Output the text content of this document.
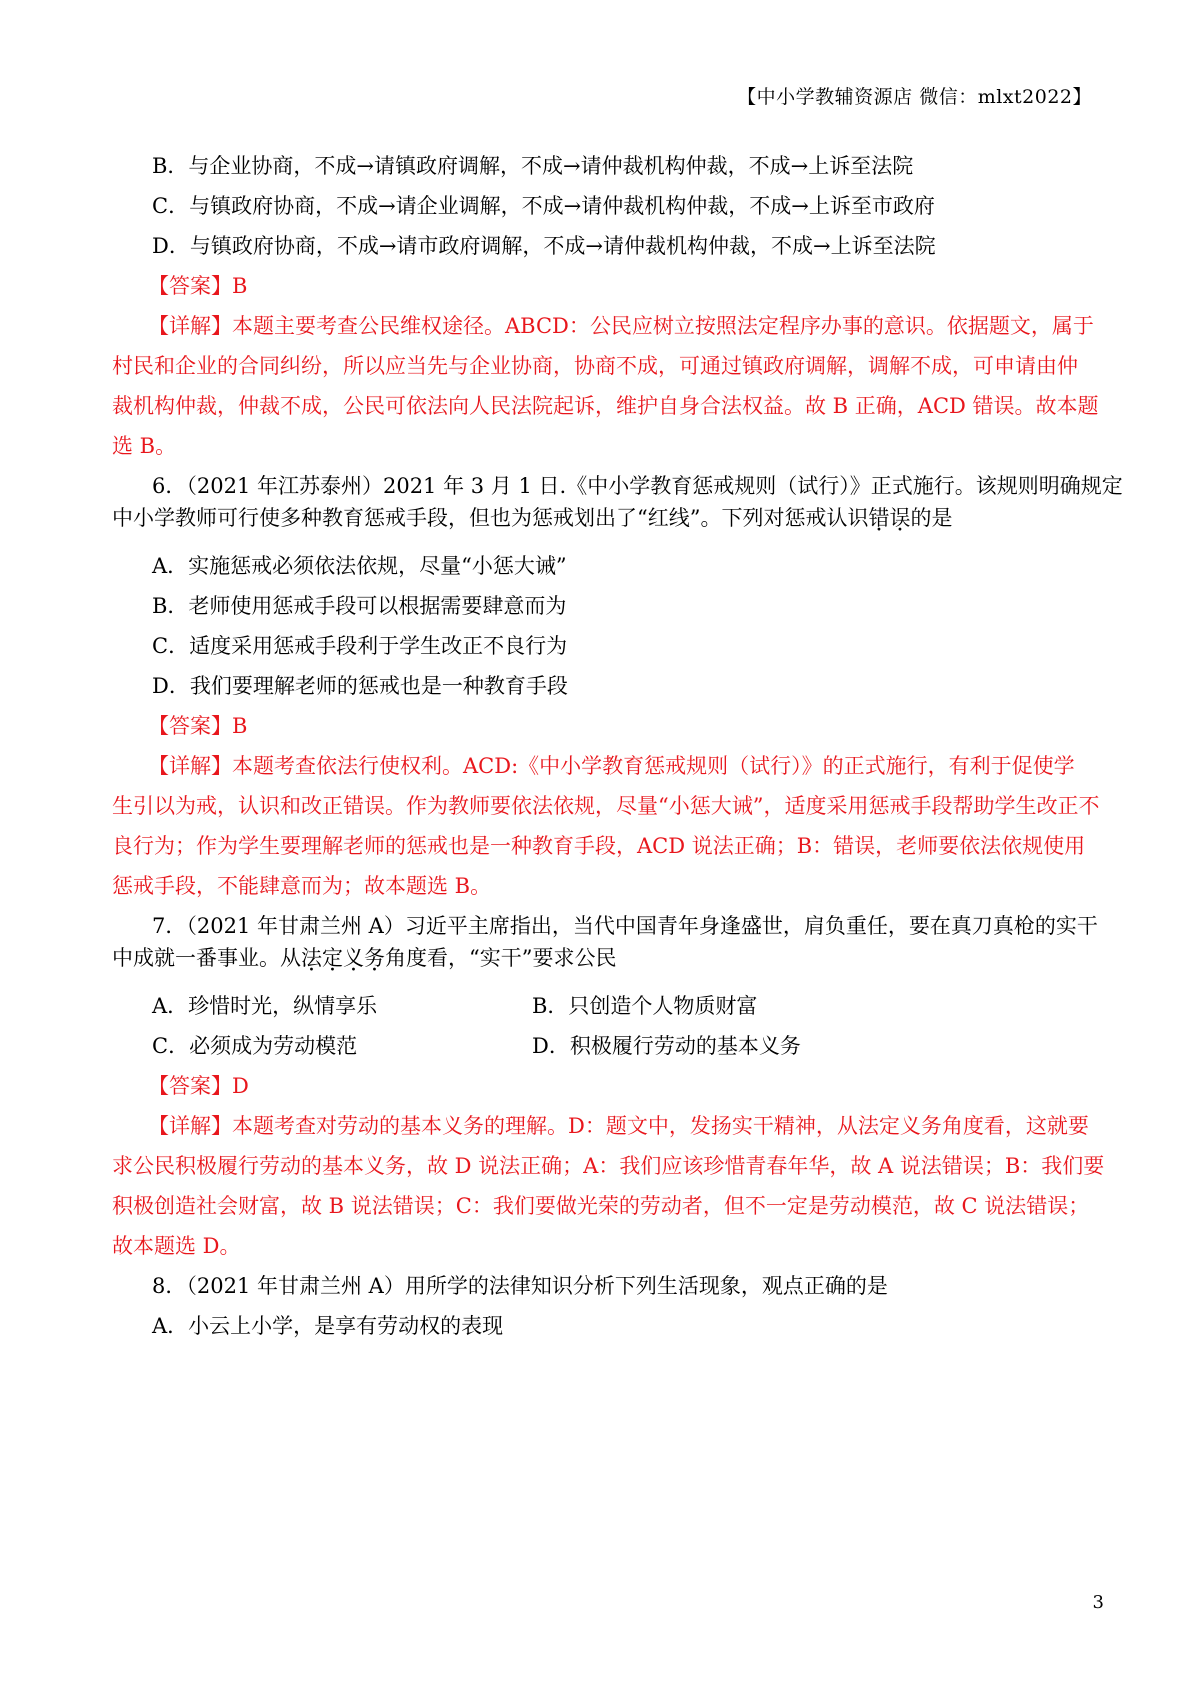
【中小学教辅资源店 微信：mlxt2022】
B．与企业协商，不成→请镇政府调解，不成→请仲裁机构仲裁，不成→上诉至法院
C．与镇政府协商，不成→请企业调解，不成→请仲裁机构仲裁，不成→上诉至市政府
D．与镇政府协商，不成→请市政府调解，不成→请仲裁机构仲裁，不成→上诉至法院
【答案】B
【详解】本题主要考查公民维权途径。ABCD：公民应树立按照法定程序办事的意识。依据题文，属于
村民和企业的合同纠纷，所以应当先与企业协商，协商不成，可通过镇政府调解，调解不成，可申请由仲
裁机构仲裁，仲裁不成，公民可依法向人民法院起诉，维护自身合法权益。故 B 正确，ACD 错误。故本题
选 B。
6．（2021 年江苏泰州）2021 年 3 月 1 日.《中小学教育惩戒规则（试行）》正式施行。该规则明确规定
中小学教师可行使多种教育惩戒手段，但也为惩戒划出了“红线”。下列对惩戒认识错误的是
A．实施惩戒必须依法依规，尽量“小惩大诫”
B．老师使用惩戒手段可以根据需要肆意而为
C．适度采用惩戒手段利于学生改正不良行为
D．我们要理解老师的惩戒也是一种教育手段
【答案】B
【详解】本题考查依法行使权利。ACD:《中小学教育惩戒规则（试行）》的正式施行，有利于促使学
生引以为戒，认识和改正错误。作为教师要依法依规，尽量“小惩大诫”，适度采用惩戒手段帮助学生改正不
良行为；作为学生要理解老师的惩戒也是一种教育手段，ACD 说法正确；B：错误，老师要依法依规使用
惩戒手段，不能肆意而为；故本题选 B。
7．（2021 年甘肃兰州 A）习近平主席指出，当代中国青年身逢盛世，肩负重任，要在真刀真枪的实干
中成就一番事业。从法定义务角度看，“实干”要求公民
A．珍惜时光，纵情享乐	B．只创造个人物质财富
C．必须成为劳动模范	D．积极履行劳动的基本义务
【答案】D
【详解】本题考查对劳动的基本义务的理解。D：题文中，发扬实干精神，从法定义务角度看，这就要
求公民积极履行劳动的基本义务，故 D 说法正确；A：我们应该珍惜青春年华，故 A 说法错误；B：我们要
积极创造社会财富，故 B 说法错误；C：我们要做光荣的劳动者，但不一定是劳动模范，故 C 说法错误；
故本题选 D。
8．（2021 年甘肃兰州 A）用所学的法律知识分析下列生活现象，观点正确的是
A．小云上小学，是享有劳动权的表现
3
